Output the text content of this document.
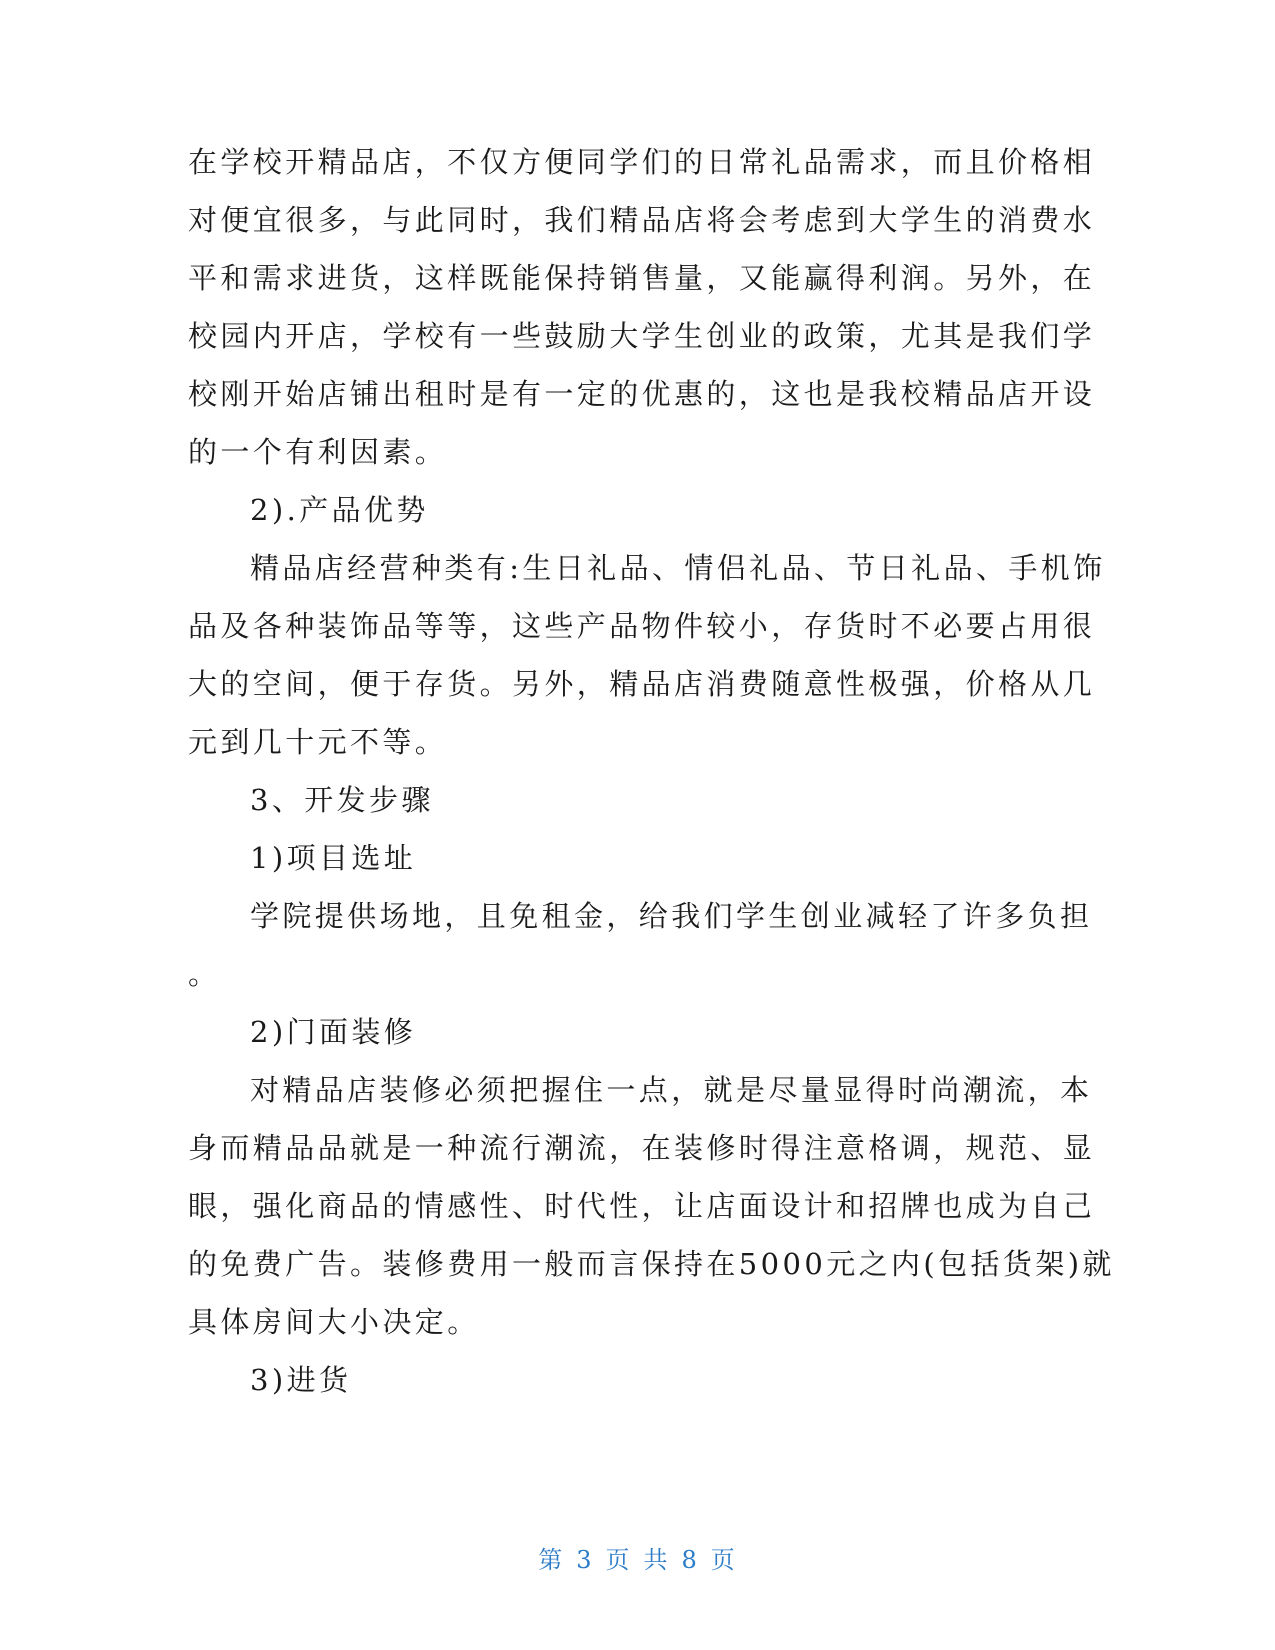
在学校开精品店，不仅方便同学们的日常礼品需求，而且价格相
对便宜很多，与此同时，我们精品店将会考虑到大学生的消费水
平和需求进货，这样既能保持销售量，又能赢得利润。另外，在
校园内开店，学校有一些鼓励大学生创业的政策，尤其是我们学
校刚开始店铺出租时是有一定的优惠的，这也是我校精品店开设
的一个有利因素。
2).产品优势
精品店经营种类有:生日礼品、情侣礼品、节日礼品、手机饰
品及各种装饰品等等，这些产品物件较小，存货时不必要占用很
大的空间，便于存货。另外，精品店消费随意性极强，价格从几
元到几十元不等。
3、开发步骤
1)项目选址
学院提供场地，且免租金，给我们学生创业减轻了许多负担
。
2)门面装修
对精品店装修必须把握住一点，就是尽量显得时尚潮流，本
身而精品品就是一种流行潮流，在装修时得注意格调，规范、显
眼，强化商品的情感性、时代性，让店面设计和招牌也成为自己
的免费广告。装修费用一般而言保持在5000元之内(包括货架)就
具体房间大小决定。
3)进货
第 3 页 共 8 页
